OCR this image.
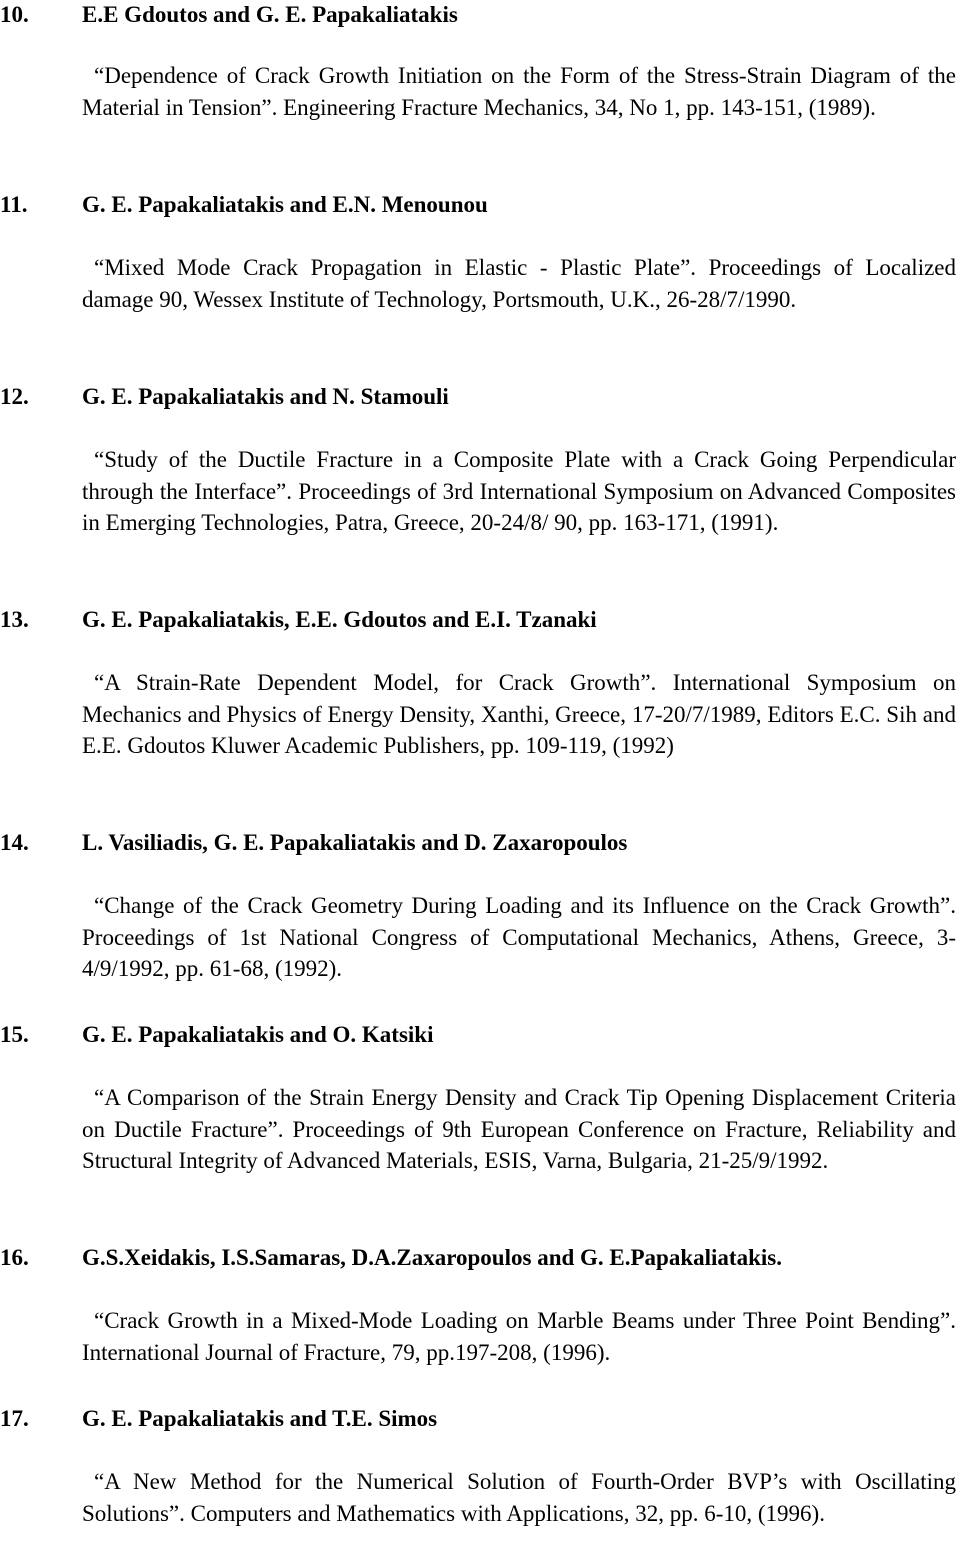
10. E.E Gdoutos and G. E. Papakaliatakis
“Dependence of Crack Growth Initiation on the Form of the Stress-Strain Diagram of the Material in Tension”. Engineering Fracture Mechanics, 34, No 1, pp. 143-151, (1989).
11. G. E. Papakaliatakis and E.N. Menounou
“Mixed Mode Crack Propagation in Elastic - Plastic Plate”. Proceedings of Localized damage 90, Wessex Institute of Technology, Portsmouth, U.K., 26-28/7/1990.
12. G. E. Papakaliatakis and N. Stamouli
“Study of the Ductile Fracture in a Composite Plate with a Crack Going Perpendicular through the Interface”. Proceedings of 3rd International Symposium on Advanced Composites in Emerging Technologies, Patra, Greece, 20-24/8/ 90, pp. 163-171, (1991).
13. G. E. Papakaliatakis, E.E. Gdoutos and E.I. Tzanaki
“A Strain-Rate Dependent Model, for Crack Growth”. International Symposium on Mechanics and Physics of Energy Density, Xanthi, Greece, 17-20/7/1989, Editors E.C. Sih and E.E. Gdoutos Kluwer Academic Publishers, pp. 109-119, (1992)
14. L. Vasiliadis, G. E. Papakaliatakis and D. Zaxaropoulos
“Change of the Crack Geometry During Loading and its Influence on the Crack Growth”. Proceedings of 1st National Congress of Computational Mechanics, Athens, Greece, 3-4/9/1992, pp. 61-68, (1992).
15. G. E. Papakaliatakis and O. Katsiki
“A Comparison of the Strain Energy Density and Crack Tip Opening Displacement Criteria on Ductile Fracture”. Proceedings of 9th European Conference on Fracture, Reliability and Structural Integrity of Advanced Materials, ESIS, Varna, Bulgaria, 21-25/9/1992.
16. G.S.Xeidakis, I.S.Samaras, D.A.Zaxaropoulos and G. E.Papakaliatakis.
“Crack Growth in a Mixed-Mode Loading on Marble Beams under Three Point Bending”. International Journal of Fracture, 79, pp.197-208, (1996).
17. G. E. Papakaliatakis and T.E. Simos
“A New Method for the Numerical Solution of Fourth-Order BVP’s with Oscillating Solutions”. Computers and Mathematics with Applications, 32, pp. 6-10, (1996).
